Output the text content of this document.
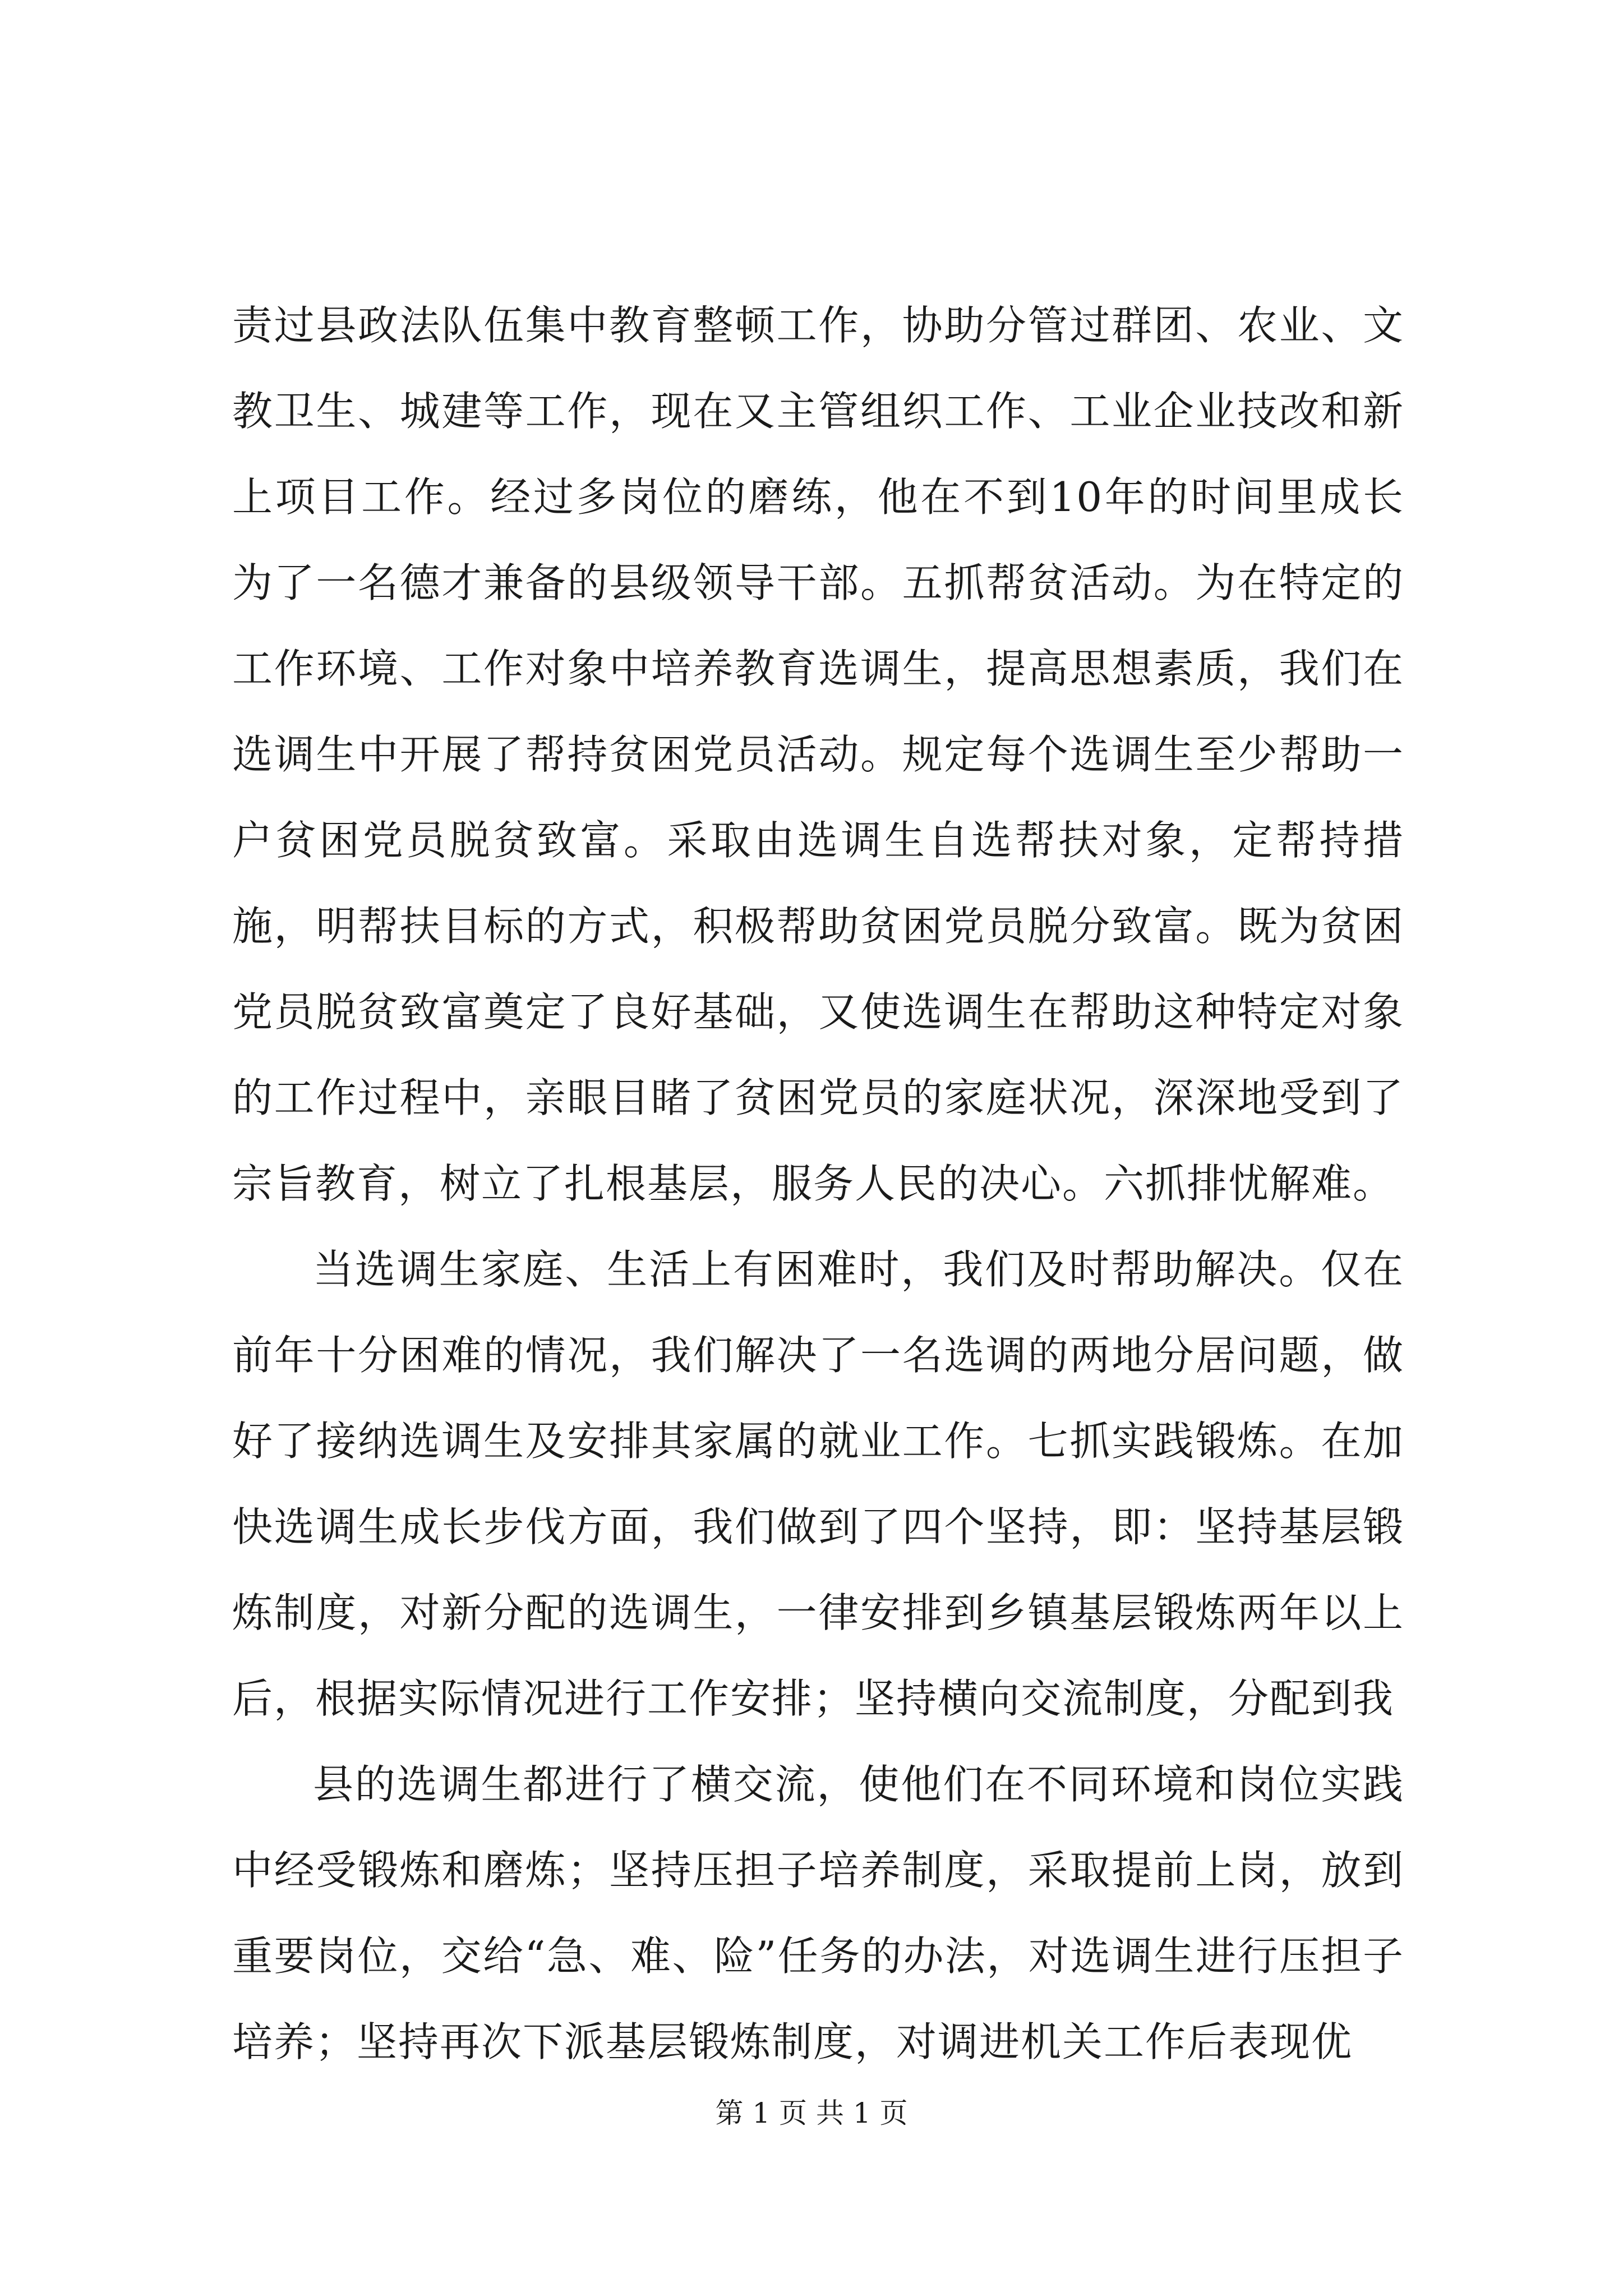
责过县政法队伍集中教育整顿工作，协助分管过群团、农业、文教卫生、城建等工作，现在又主管组织工作、工业企业技改和新上项目工作。经过多岗位的磨练，他在不到10年的时间里成长为了一名德才兼备的县级领导干部。五抓帮贫活动。为在特定的工作环境、工作对象中培养教育选调生，提高思想素质，我们在选调生中开展了帮持贫困党员活动。规定每个选调生至少帮助一户贫困党员脱贫致富。采取由选调生自选帮扶对象，定帮持措施，明帮扶目标的方式，积极帮助贫困党员脱分致富。既为贫困党员脱贫致富奠定了良好基础，又使选调生在帮助这种特定对象的工作过程中，亲眼目睹了贫困党员的家庭状况，深深地受到了宗旨教育，树立了扎根基层，服务人民的决心。六抓排忧解难。

当选调生家庭、生活上有困难时，我们及时帮助解决。仅在前年十分困难的情况，我们解决了一名选调的两地分居问题，做好了接纳选调生及安排其家属的就业工作。七抓实践锻炼。在加快选调生成长步伐方面，我们做到了四个坚持，即：坚持基层锻炼制度，对新分配的选调生，一律安排到乡镇基层锻炼两年以上后，根据实际情况进行工作安排；坚持横向交流制度，分配到我

县的选调生都进行了横交流，使他们在不同环境和岗位实践中经受锻炼和磨炼；坚持压担子培养制度，采取提前上岗，放到重要岗位，交给“急、难、险”任务的办法，对选调生进行压担子培养；坚持再次下派基层锻炼制度，对调进机关工作后表现优

第 1 页 共 1 页
